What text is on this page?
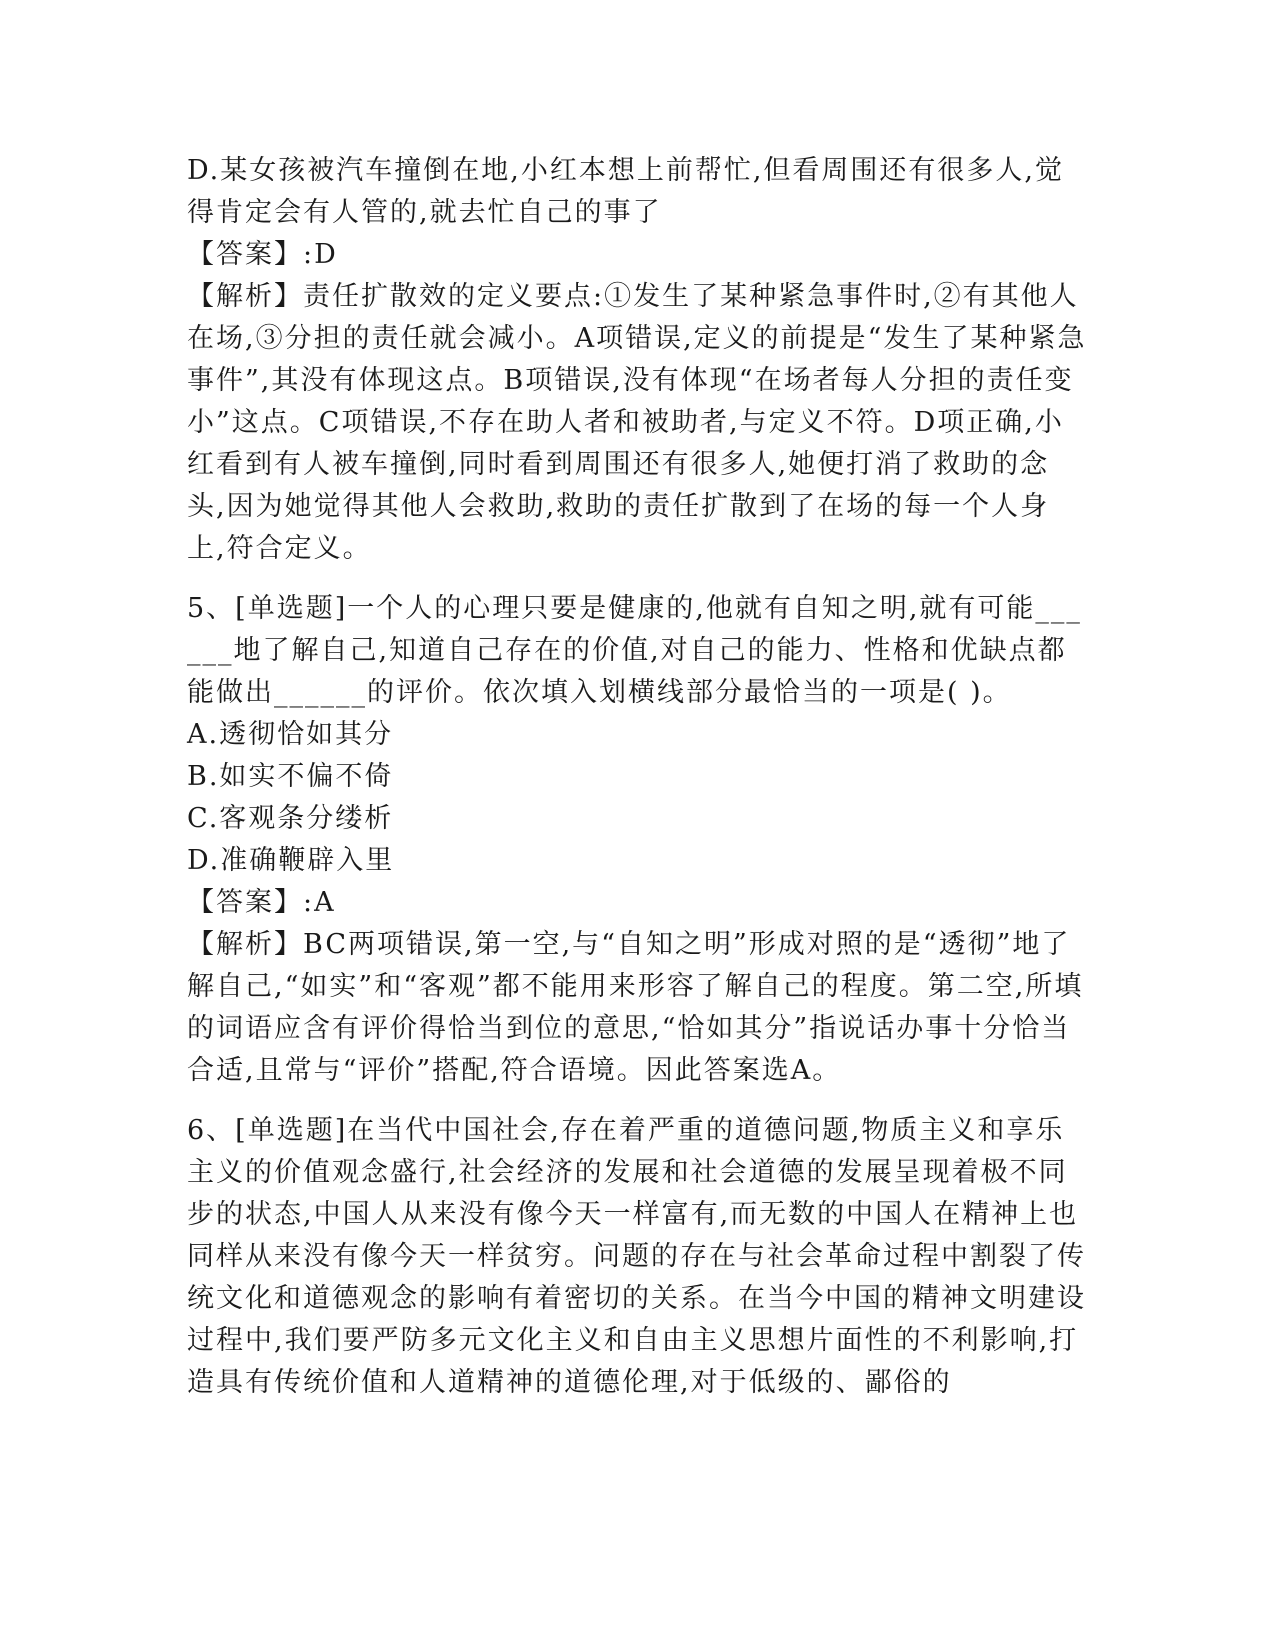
D.某女孩被汽车撞倒在地,小红本想上前帮忙,但看周围还有很多人,觉得肯定会有人管的,就去忙自己的事了

【答案】:D

【解析】责任扩散效的定义要点:①发生了某种紧急事件时,②有其他人在场,③分担的责任就会减小。A项错误,定义的前提是“发生了某种紧急事件”,其没有体现这点。B项错误,没有体现“在场者每人分担的责任变小”这点。C项错误,不存在助人者和被助者,与定义不符。D项正确,小红看到有人被车撞倒,同时看到周围还有很多人,她便打消了救助的念头,因为她觉得其他人会救助,救助的责任扩散到了在场的每一个人身上,符合定义。

5、[单选题]一个人的心理只要是健康的,他就有自知之明,就有可能______地了解自己,知道自己存在的价值,对自己的能力、性格和优缺点都能做出______的评价。依次填入划横线部分最恰当的一项是( )。

A.透彻恰如其分

B.如实不偏不倚

C.客观条分缕析

D.准确鞭辟入里

【答案】:A

【解析】BC两项错误,第一空,与“自知之明”形成对照的是“透彻”地了解自己,“如实”和“客观”都不能用来形容了解自己的程度。第二空,所填的词语应含有评价得恰当到位的意思,“恰如其分”指说话办事十分恰当合适,且常与“评价”搭配,符合语境。因此答案选A。

6、[单选题]在当代中国社会,存在着严重的道德问题,物质主义和享乐主义的价值观念盛行,社会经济的发展和社会道德的发展呈现着极不同步的状态,中国人从来没有像今天一样富有,而无数的中国人在精神上也同样从来没有像今天一样贫穷。问题的存在与社会革命过程中割裂了传统文化和道德观念的影响有着密切的关系。在当今中国的精神文明建设过程中,我们要严防多元文化主义和自由主义思想片面性的不利影响,打造具有传统价值和人道精神的道德伦理,对于低级的、鄙俗的
